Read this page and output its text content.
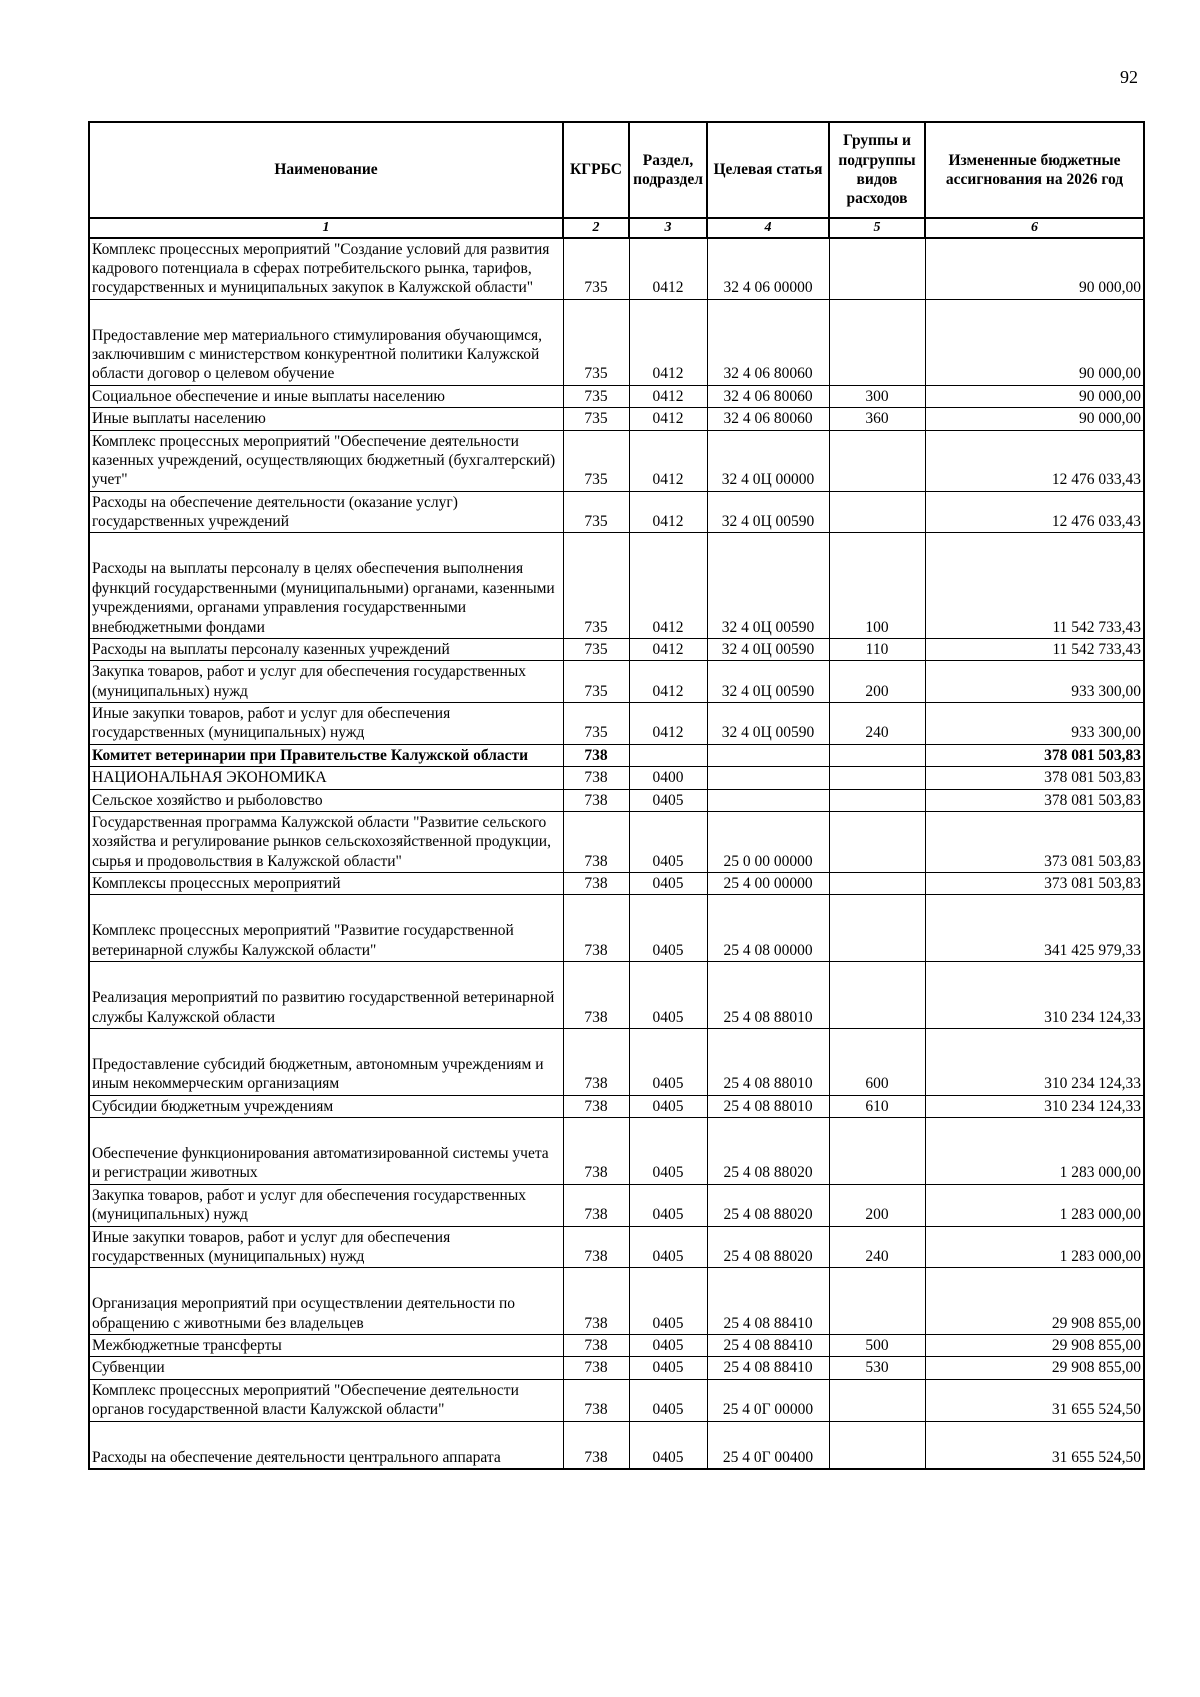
92
Наименование	КГРБС	Раздел, подраздел	Целевая статья	Группы и подгруппы видов расходов	Измененные бюджетные ассигнования на 2026 год
1	2	3	4	5	6
Комплекс процессных мероприятий "Создание условий для развития кадрового потенциала в сферах потребительского рынка, тарифов, государственных и муниципальных закупок в Калужской области"	735	0412	32 4 06 00000		90 000,00
Предоставление мер материального стимулирования обучающимся, заключившим с министерством конкурентной политики Калужской области договор о целевом обучение	735	0412	32 4 06 80060		90 000,00
Социальное обеспечение и иные выплаты населению	735	0412	32 4 06 80060	300	90 000,00
Иные выплаты населению	735	0412	32 4 06 80060	360	90 000,00
Комплекс процессных мероприятий "Обеспечение деятельности казенных учреждений, осуществляющих бюджетный (бухгалтерский) учет"	735	0412	32 4 0Ц 00000		12 476 033,43
Расходы на обеспечение деятельности (оказание услуг) государственных учреждений	735	0412	32 4 0Ц 00590		12 476 033,43
Расходы на выплаты персоналу в целях обеспечения выполнения функций государственными (муниципальными) органами, казенными учреждениями, органами управления государственными внебюджетными фондами	735	0412	32 4 0Ц 00590	100	11 542 733,43
Расходы на выплаты персоналу казенных учреждений	735	0412	32 4 0Ц 00590	110	11 542 733,43
Закупка товаров, работ и услуг для обеспечения государственных (муниципальных) нужд	735	0412	32 4 0Ц 00590	200	933 300,00
Иные закупки товаров, работ и услуг для обеспечения государственных (муниципальных) нужд	735	0412	32 4 0Ц 00590	240	933 300,00
Комитет ветеринарии при Правительстве Калужской области	738				378 081 503,83
НАЦИОНАЛЬНАЯ ЭКОНОМИКА	738	0400			378 081 503,83
Сельское хозяйство и рыболовство	738	0405			378 081 503,83
Государственная программа Калужской области "Развитие сельского хозяйства и регулирование рынков сельскохозяйственной продукции, сырья и продовольствия в Калужской области"	738	0405	25 0 00 00000		373 081 503,83
Комплексы процессных мероприятий	738	0405	25 4 00 00000		373 081 503,83
Комплекс процессных мероприятий "Развитие государственной ветеринарной службы Калужской области"	738	0405	25 4 08 00000		341 425 979,33
Реализация мероприятий по развитию государственной ветеринарной службы Калужской области	738	0405	25 4 08 88010		310 234 124,33
Предоставление субсидий бюджетным, автономным учреждениям и иным некоммерческим организациям	738	0405	25 4 08 88010	600	310 234 124,33
Субсидии бюджетным учреждениям	738	0405	25 4 08 88010	610	310 234 124,33
Обеспечение функционирования автоматизированной системы учета и регистрации животных	738	0405	25 4 08 88020		1 283 000,00
Закупка товаров, работ и услуг для обеспечения государственных (муниципальных) нужд	738	0405	25 4 08 88020	200	1 283 000,00
Иные закупки товаров, работ и услуг для обеспечения государственных (муниципальных) нужд	738	0405	25 4 08 88020	240	1 283 000,00
Организация мероприятий при осуществлении деятельности по обращению с животными без владельцев	738	0405	25 4 08 88410		29 908 855,00
Межбюджетные трансферты	738	0405	25 4 08 88410	500	29 908 855,00
Субвенции	738	0405	25 4 08 88410	530	29 908 855,00
Комплекс процессных мероприятий "Обеспечение деятельности органов государственной власти Калужской области"	738	0405	25 4 0Г 00000		31 655 524,50
Расходы на обеспечение деятельности центрального аппарата	738	0405	25 4 0Г 00400		31 655 524,50
